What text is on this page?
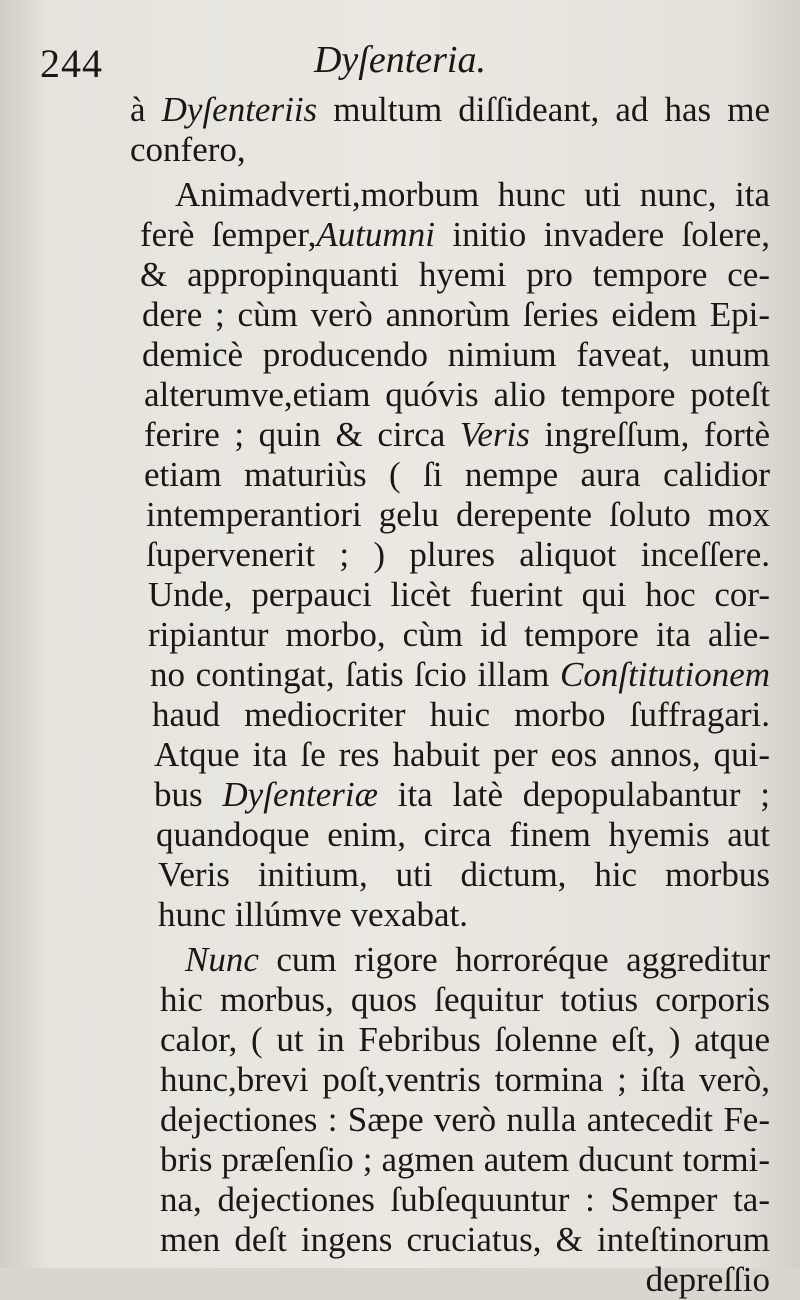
244	Dyſenteria.
à Dyſenteriis multum diſſideant, ad has me
confero,
Animadverti,morbum hunc uti nunc, ita
ferè ſemper,Autumni initio invadere ſolere,
& appropinquanti hyemi pro tempore ce-
dere ; cùm verò annorùm ſeries eidem Epi-
demicè producendo nimium faveat, unum
alterumve,etiam quóvis alio tempore poteſt
ferire ; quin & circa Veris ingreſſum, fortè
etiam maturiùs ( ſi nempe aura calidior
intemperantiori gelu derepente ſoluto mox
ſupervenerit ; ) plures aliquot inceſſere.
Unde, perpauci licèt fuerint qui hoc cor-
ripiantur morbo, cùm id tempore ita alie-
no contingat, ſatis ſcio illam Conſtitutionem
haud mediocriter huic morbo ſuffragari.
Atque ita ſe res habuit per eos annos, qui-
bus Dyſenteriæ ita latè depopulabantur ;
quandoque enim, circa finem hyemis aut
Veris initium, uti dictum, hic morbus
hunc illúmve vexabat.
Nunc cum rigore horroréque aggreditur
hic morbus, quos ſequitur totius corporis
calor, ( ut in Febribus ſolenne eſt, ) atque
hunc,brevi poſt,ventris tormina ; iſta verò,
dejectiones : Sæpe verò nulla antecedit Fe-
bris præſenſio ; agmen autem ducunt tormi-
na, dejectiones ſubſequuntur : Semper ta-
men deſt ingens cruciatus, & inteſtinorum
depreſſio
